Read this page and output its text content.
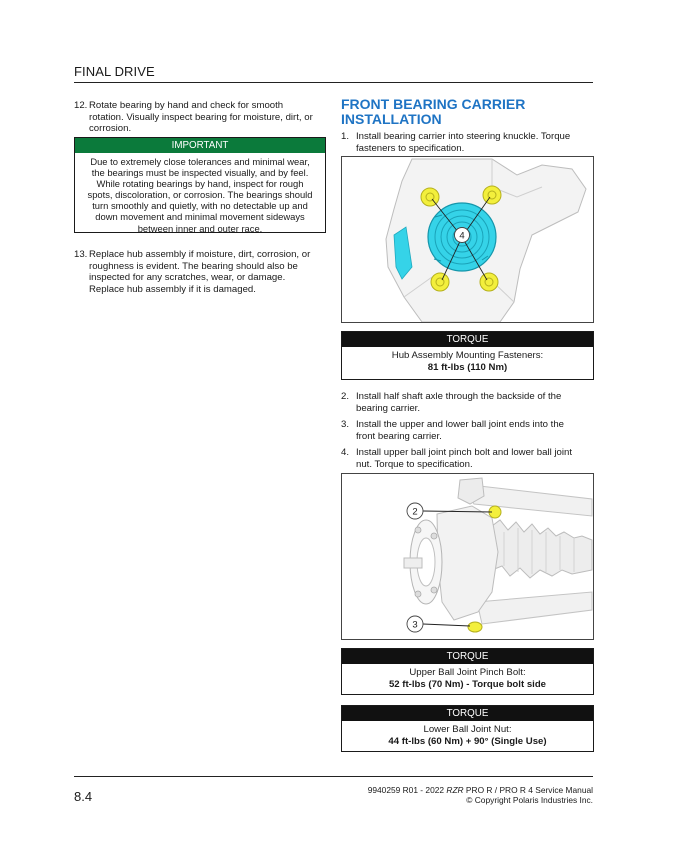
FINAL DRIVE
12. Rotate bearing by hand and check for smooth
rotation. Visually inspect bearing for moisture, dirt, or
corrosion.
IMPORTANT
Due to extremely close tolerances and minimal wear,
the bearings must be inspected visually, and by feel.
While rotating bearings by hand, inspect for rough
spots, discoloration, or corrosion. The bearings should
turn smoothly and quietly, with no detectable up and
down movement and minimal movement sideways
between inner and outer race.
13. Replace hub assembly if moisture, dirt, corrosion, or
roughness is evident. The bearing should also be
inspected for any scratches, wear, or damage.
Replace hub assembly if it is damaged.
FRONT BEARING CARRIER
INSTALLATION
1. Install bearing carrier into steering knuckle. Torque
fasteners to specification.
4
TORQUE
Hub Assembly Mounting Fasteners:
81 ft-lbs (110 Nm)
2. Install half shaft axle through the backside of the
bearing carrier.
3. Install the upper and lower ball joint ends into the
front bearing carrier.
4. Install upper ball joint pinch bolt and lower ball joint
nut. Torque to specification.
2
3
TORQUE
Upper Ball Joint Pinch Bolt:
52 ft-lbs (70 Nm) - Torque bolt side
TORQUE
Lower Ball Joint Nut:
44 ft-lbs (60 Nm) + 90° (Single Use)
8.4	9940259 R01 - 2022 RZR PRO R / PRO R 4 Service Manual
© Copyright Polaris Industries Inc.
